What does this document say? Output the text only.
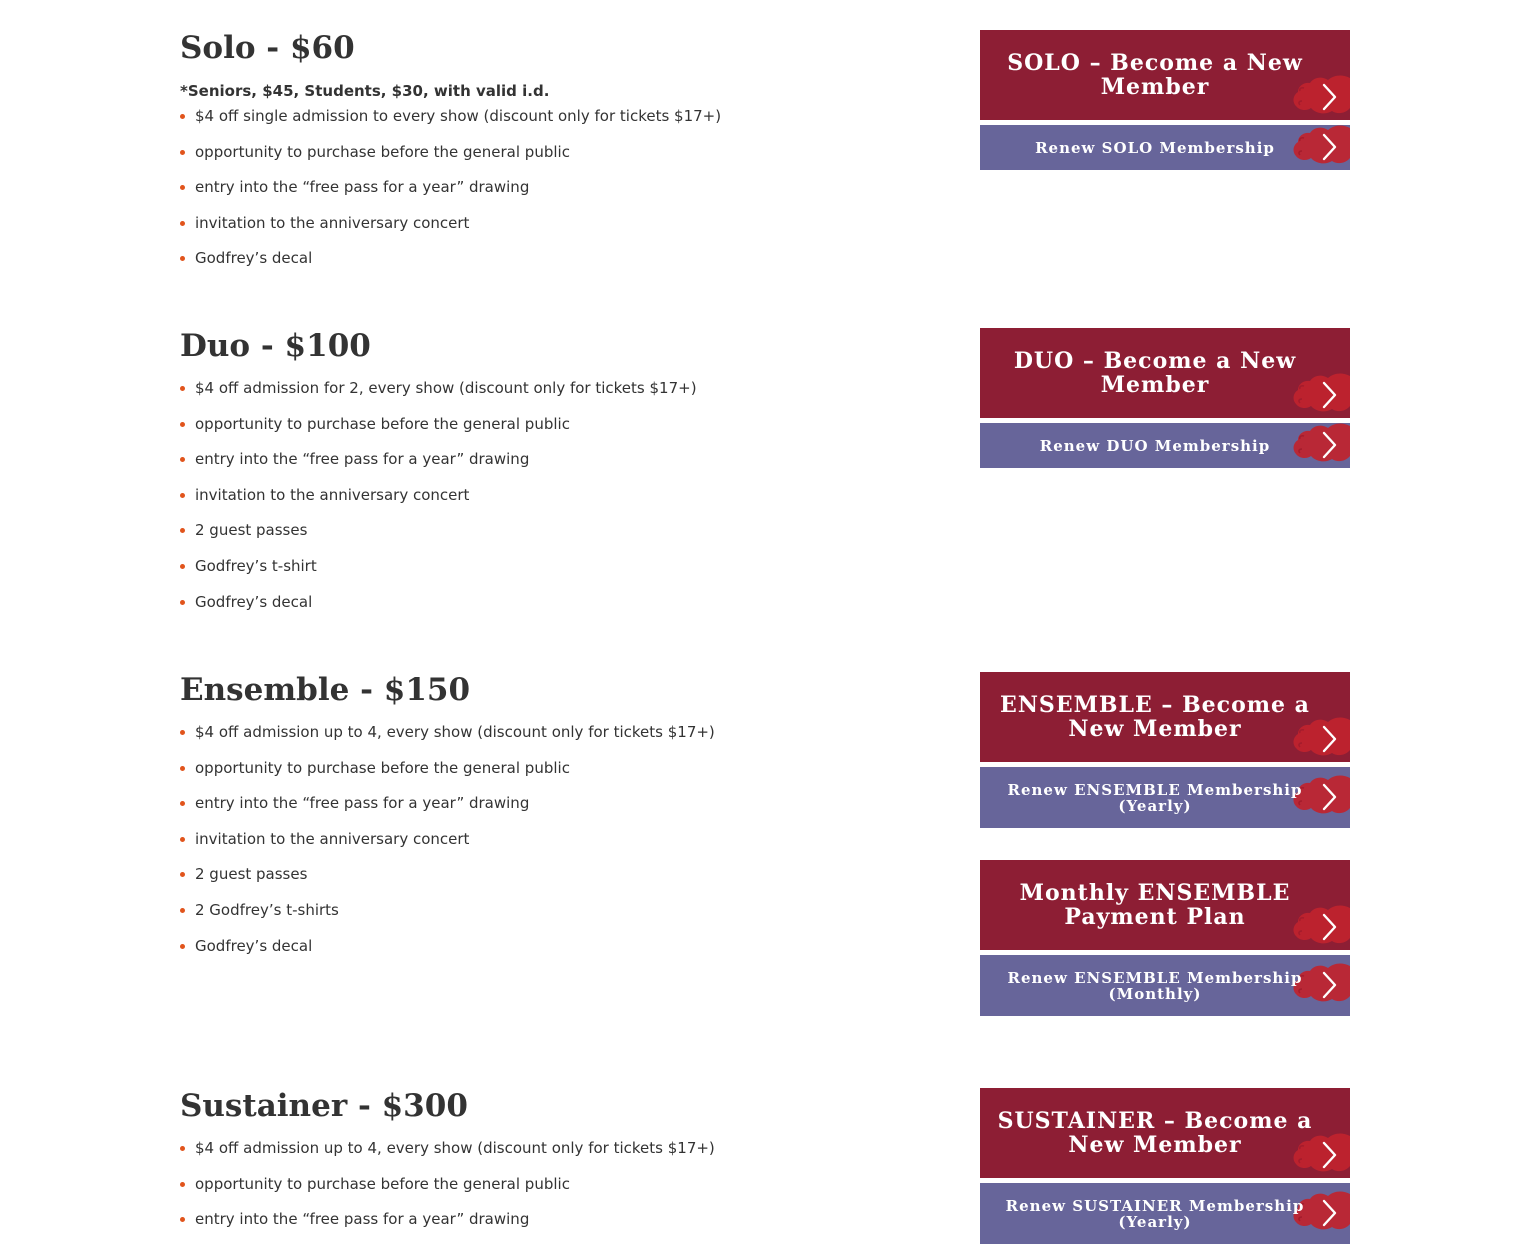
Solo - $60

*Seniors, $45, Students, $30, with valid i.d.

$4 off single admission to every show (discount only for tickets $17+)
opportunity to purchase before the general public
entry into the “free pass for a year” drawing
invitation to the anniversary concert
Godfrey’s decal
SOLO – Become a New Member
Renew SOLO Membership
Duo - $100
$4 off admission for 2, every show (discount only for tickets $17+)
opportunity to purchase before the general public
entry into the “free pass for a year” drawing
invitation to the anniversary concert
2 guest passes
Godfrey’s t-shirt
Godfrey’s decal
DUO – Become a New Member
Renew DUO Membership
Ensemble - $150
$4 off admission up to 4, every show (discount only for tickets $17+)
opportunity to purchase before the general public
entry into the “free pass for a year” drawing
invitation to the anniversary concert
2 guest passes
2 Godfrey’s t-shirts
Godfrey’s decal
ENSEMBLE – Become a New Member
Renew ENSEMBLE Membership (Yearly)
Monthly ENSEMBLE Payment Plan
Renew ENSEMBLE Membership (Monthly)
Sustainer - $300
$4 off admission up to 4, every show (discount only for tickets $17+)
opportunity to purchase before the general public
entry into the “free pass for a year” drawing
SUSTAINER – Become a New Member
Renew SUSTAINER Membership (Yearly)
